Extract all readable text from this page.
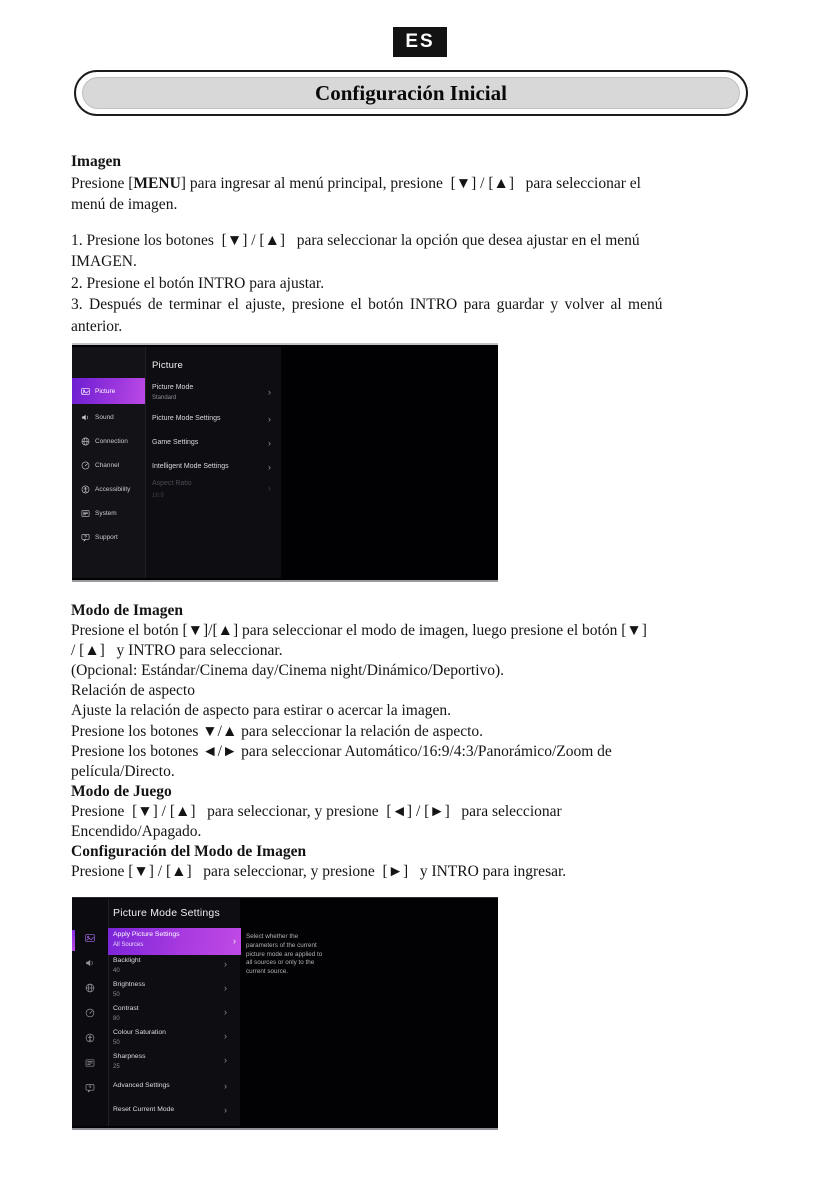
ES
Configuración Inicial
Imagen
Presione [MENU] para ingresar al menú principal, presione  [▼] / [▲]   para seleccionar el
menú de imagen.
1. Presione los botones  [▼] / [▲]   para seleccionar la opción que desea ajustar en el menú
IMAGEN.
2. Presione el botón INTRO para ajustar.
3. Después de terminar el ajuste, presione el botón INTRO para guardar y volver al menú
anterior.
Picture
Sound
Connection
Channel
Accessibility
System
Support
Picture
Picture Mode
Standard
›
Picture Mode Settings	›
Game Settings	›
Intelligent Mode Settings	›
Aspect Ratio
16:9
›
Modo de Imagen
Presione el botón [▼]/[▲] para seleccionar el modo de imagen, luego presione el botón [▼]
/ [▲]   y INTRO para seleccionar.
(Opcional: Estándar/Cinema day/Cinema night/Dinámico/Deportivo).
Relación de aspecto
Ajuste la relación de aspecto para estirar o acercar la imagen.
Presione los botones ▼/▲ para seleccionar la relación de aspecto.
Presione los botones ◄/► para seleccionar Automático/16:9/4:3/Panorámico/Zoom de
película/Directo.
Modo de Juego
Presione  [▼] / [▲]   para seleccionar, y presione  [◄] / [►]   para seleccionar
Encendido/Apagado.
Configuración del Modo de Imagen
Presione [▼] / [▲]   para seleccionar, y presione  [►]   y INTRO para ingresar.
Picture Mode Settings
Apply Picture Settings
All Sources	›
Backlight
40
›
Brightness
50
›
Contrast
80
›
Colour Saturation
50
›
Sharpness
25
›
Advanced Settings	›
Reset Current Mode	›
Select whether the
parameters of the current
picture mode are applied to
all sources or only to the
current source.
